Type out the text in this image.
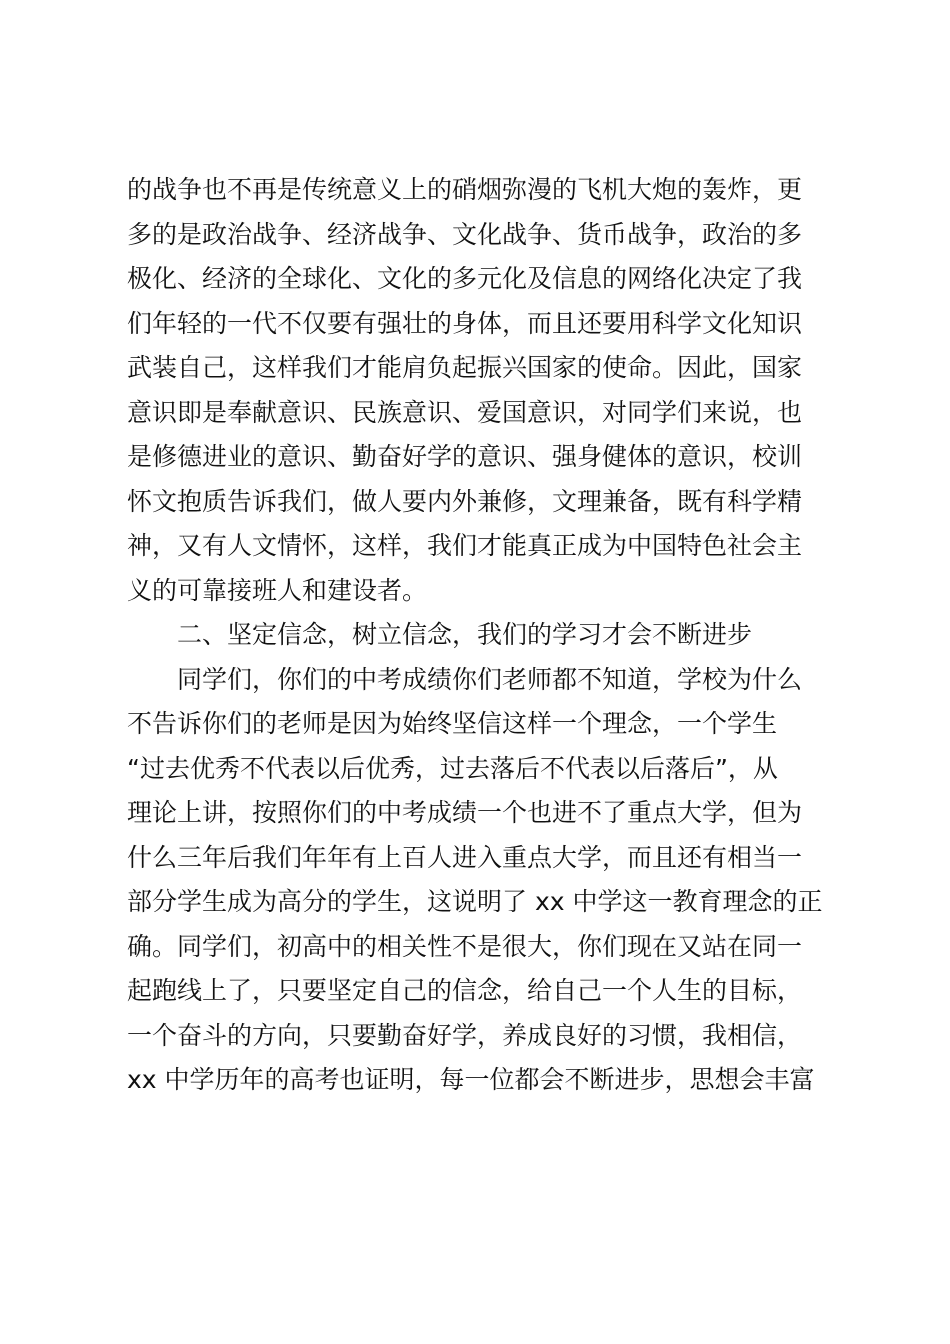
的战争也不再是传统意义上的硝烟弥漫的飞机大炮的轰炸，更
多的是政治战争、经济战争、文化战争、货币战争，政治的多
极化、经济的全球化、文化的多元化及信息的网络化决定了我
们年轻的一代不仅要有强壮的身体，而且还要用科学文化知识
武装自己，这样我们才能肩负起振兴国家的使命。因此，国家
意识即是奉献意识、民族意识、爱国意识，对同学们来说，也
是修德进业的意识、勤奋好学的意识、强身健体的意识，校训
怀文抱质告诉我们，做人要内外兼修，文理兼备，既有科学精
神，又有人文情怀，这样，我们才能真正成为中国特色社会主
义的可靠接班人和建设者。

二、坚定信念，树立信念，我们的学习才会不断进步

同学们，你们的中考成绩你们老师都不知道，学校为什么
不告诉你们的老师是因为始终坚信这样一个理念，一个学生
“过去优秀不代表以后优秀，过去落后不代表以后落后”，从
理论上讲，按照你们的中考成绩一个也进不了重点大学，但为
什么三年后我们年年有上百人进入重点大学，而且还有相当一
部分学生成为高分的学生，这说明了 xx 中学这一教育理念的正
确。同学们，初高中的相关性不是很大，你们现在又站在同一
起跑线上了，只要坚定自己的信念，给自己一个人生的目标，
一个奋斗的方向，只要勤奋好学，养成良好的习惯，我相信，
xx 中学历年的高考也证明，每一位都会不断进步，思想会丰富
